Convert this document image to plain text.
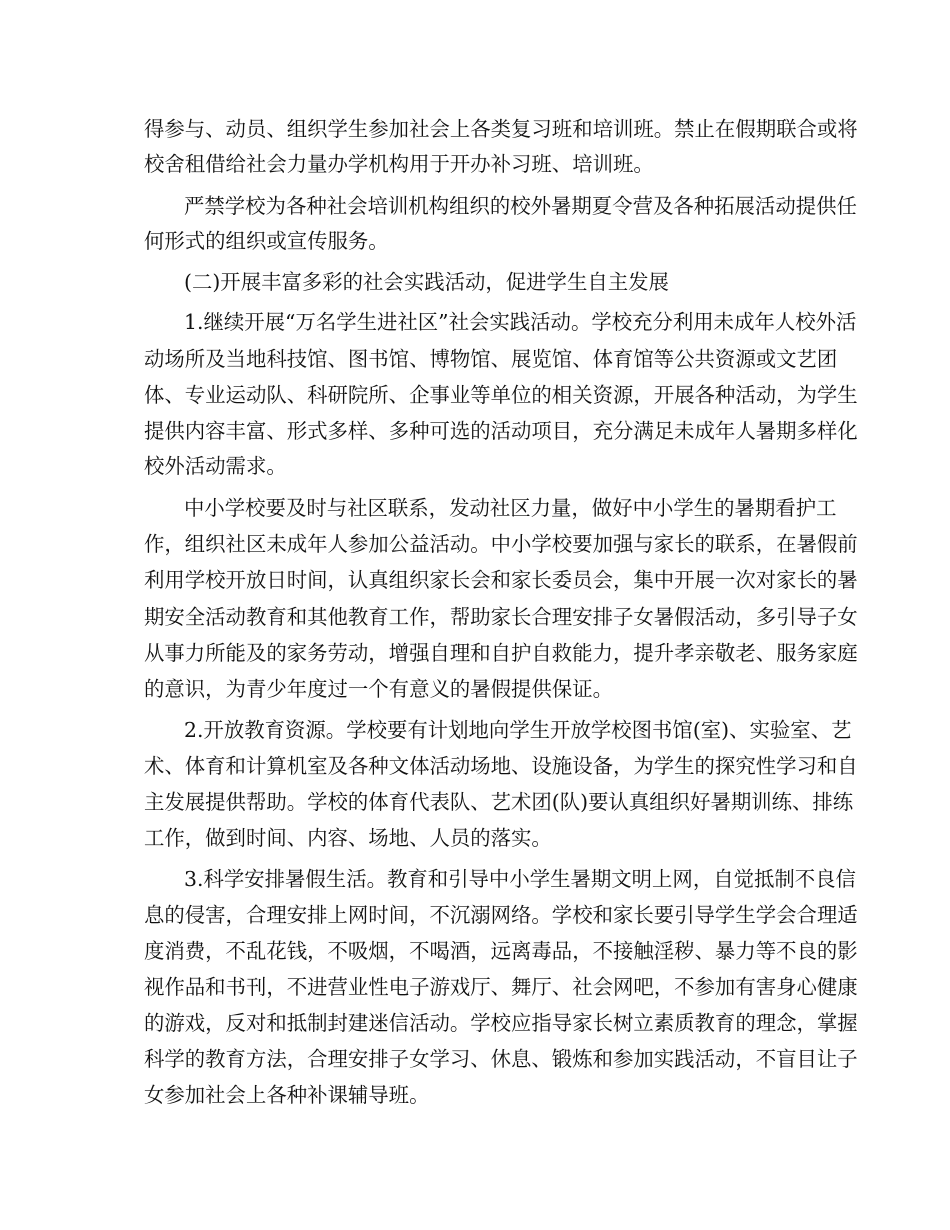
得参与、动员、组织学生参加社会上各类复习班和培训班。禁止在假期联合或将
校舍租借给社会力量办学机构用于开办补习班、培训班。
严禁学校为各种社会培训机构组织的校外暑期夏令营及各种拓展活动提供任
何形式的组织或宣传服务。
(二)开展丰富多彩的社会实践活动，促进学生自主发展
1.继续开展“万名学生进社区”社会实践活动。学校充分利用未成年人校外活
动场所及当地科技馆、图书馆、博物馆、展览馆、体育馆等公共资源或文艺团
体、专业运动队、科研院所、企事业等单位的相关资源，开展各种活动，为学生
提供内容丰富、形式多样、多种可选的活动项目，充分满足未成年人暑期多样化
校外活动需求。
中小学校要及时与社区联系，发动社区力量，做好中小学生的暑期看护工
作，组织社区未成年人参加公益活动。中小学校要加强与家长的联系，在暑假前
利用学校开放日时间，认真组织家长会和家长委员会，集中开展一次对家长的暑
期安全活动教育和其他教育工作，帮助家长合理安排子女暑假活动，多引导子女
从事力所能及的家务劳动，增强自理和自护自救能力，提升孝亲敬老、服务家庭
的意识，为青少年度过一个有意义的暑假提供保证。
2.开放教育资源。学校要有计划地向学生开放学校图书馆(室)、实验室、艺
术、体育和计算机室及各种文体活动场地、设施设备，为学生的探究性学习和自
主发展提供帮助。学校的体育代表队、艺术团(队)要认真组织好暑期训练、排练
工作，做到时间、内容、场地、人员的落实。
3.科学安排暑假生活。教育和引导中小学生暑期文明上网，自觉抵制不良信
息的侵害，合理安排上网时间，不沉溺网络。学校和家长要引导学生学会合理适
度消费，不乱花钱，不吸烟，不喝酒，远离毒品，不接触淫秽、暴力等不良的影
视作品和书刊，不进营业性电子游戏厅、舞厅、社会网吧，不参加有害身心健康
的游戏，反对和抵制封建迷信活动。学校应指导家长树立素质教育的理念，掌握
科学的教育方法，合理安排子女学习、休息、锻炼和参加实践活动，不盲目让子
女参加社会上各种补课辅导班。
